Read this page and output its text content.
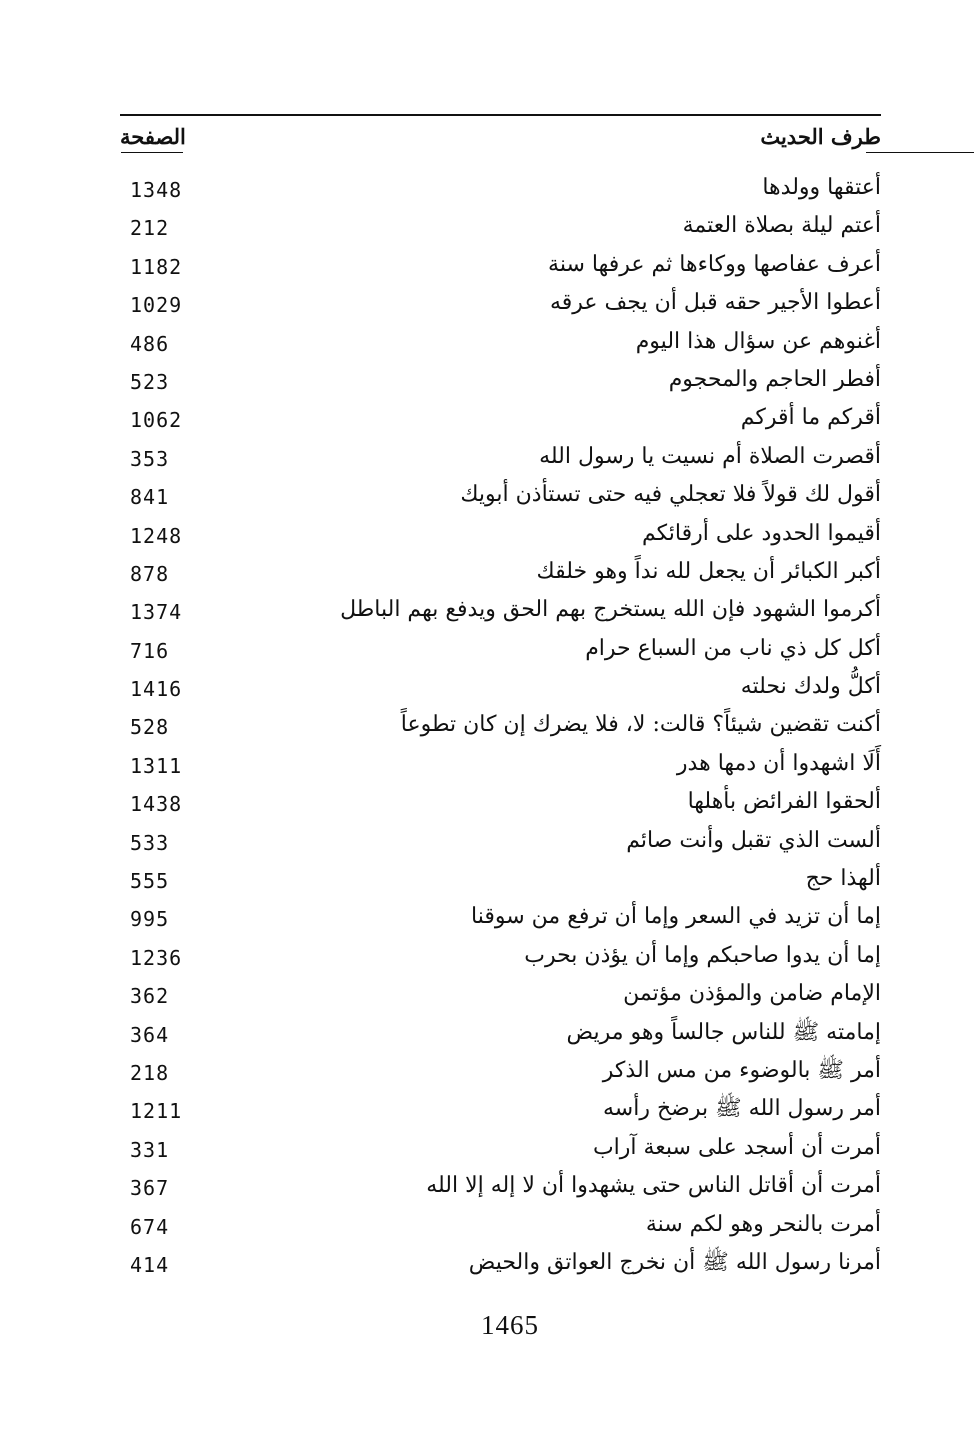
طرف الحديث
الصفحة
أعتقها وولدها
1348
أعتم ليلة بصلاة العتمة
212
أعرف عفاصها ووكاءها ثم عرفها سنة
1182
أعطوا الأجير حقه قبل أن يجف عرقه
1029
أغنوهم عن سؤال هذا اليوم
486
أفطر الحاجم والمحجوم
523
أقركم ما أقركم
1062
أقصرت الصلاة أم نسيت يا رسول الله
353
أقول لك قولاً فلا تعجلي فيه حتى تستأذن أبويك
841
أقيموا الحدود على أرقائكم
1248
أكبر الكبائر أن يجعل لله نداً وهو خلقك
878
أكرموا الشهود فإن الله يستخرج بهم الحق ويدفع بهم الباطل
1374
أكل كل ذي ناب من السباع حرام
716
أكلُّ ولدك نحلته
1416
أكنت تقضين شيئاً؟ قالت: لا، فلا يضرك إن كان تطوعاً
528
أَلَا اشهدوا أن دمها هدر
1311
ألحقوا الفرائض بأهلها
1438
ألست الذي تقبل وأنت صائم
533
ألهذا حج
555
إما أن تزيد في السعر وإما أن ترفع من سوقنا
995
إما أن يدوا صاحبكم وإما أن يؤذن بحرب
1236
الإمام ضامن والمؤذن مؤتمن
362
إمامته ﷺ للناس جالساً وهو مريض
364
أمر ﷺ بالوضوء من مس الذكر
218
أمر رسول الله ﷺ برضخ رأسه
1211
أمرت أن أسجد على سبعة آراب
331
أمرت أن أقاتل الناس حتى يشهدوا أن لا إله إلا الله
367
أمرت بالنحر وهو لكم سنة
674
أمرنا رسول الله ﷺ أن نخرج العواتق والحيض
414
1465
